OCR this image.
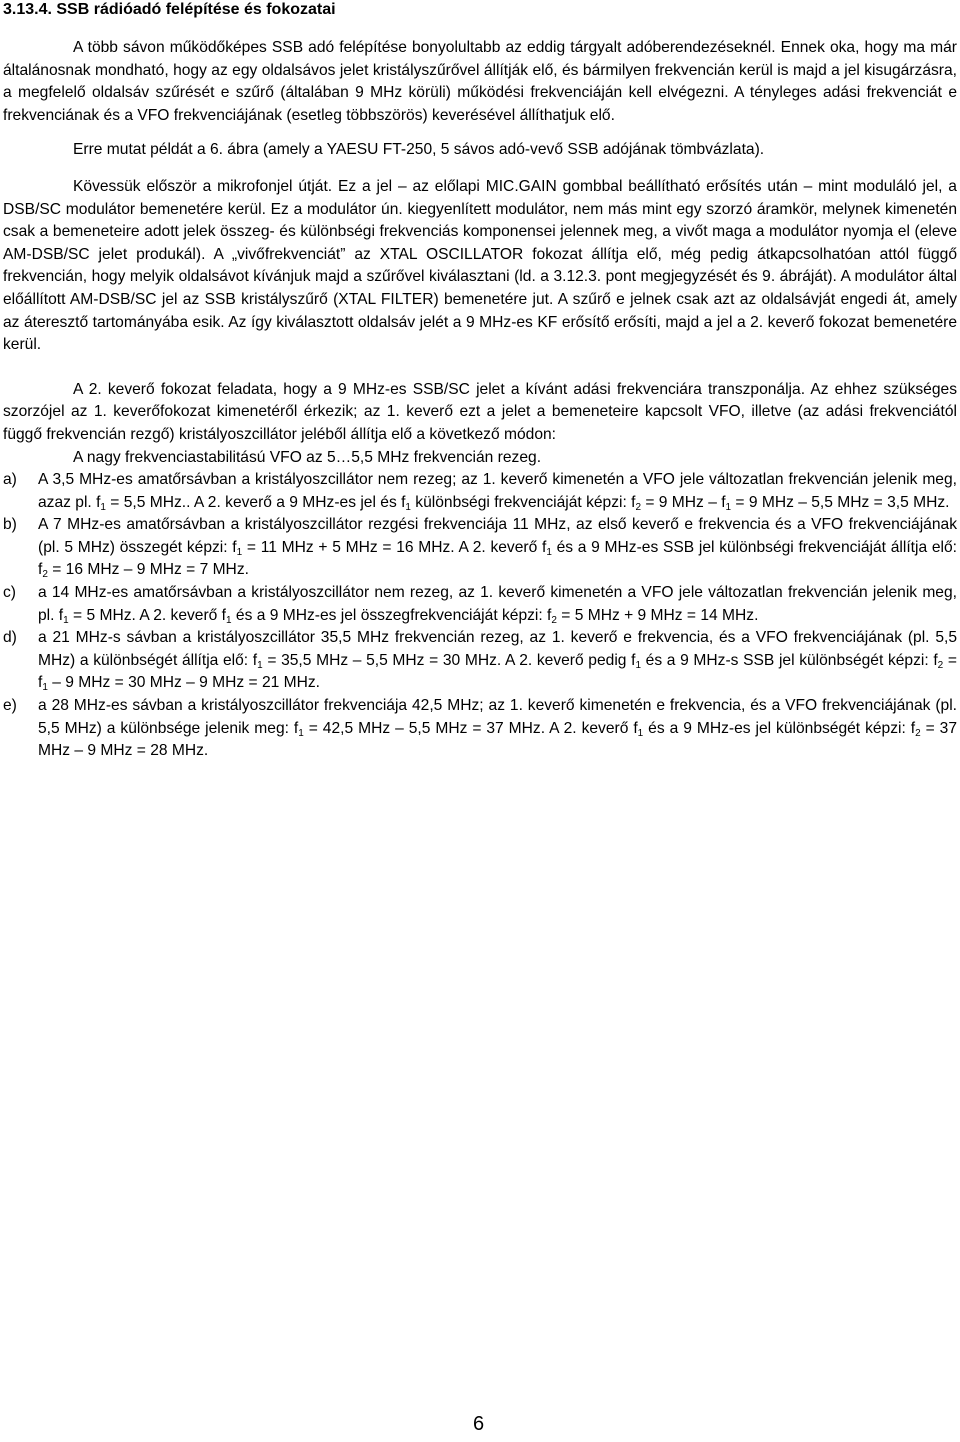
3.13.4. SSB rádióadó felépítése és fokozatai

A több sávon működőképes SSB adó felépítése bonyolultabb az eddig tárgyalt adóberendezéseknél. Ennek oka, hogy ma már általánosnak mondható, hogy az egy oldalsávos jelet kristályszűrővel állítják elő, és bármilyen frekvencián kerül is majd a jel kisugárzásra, a megfelelő oldalsáv szűrését e szűrő (általában 9 MHz körüli) működési frekvenciáján kell elvégezni. A tényleges adási frekvenciát e frekvenciának és a VFO frekvenciájának (esetleg többszörös) keverésével állíthatjuk elő.

Erre mutat példát a 6. ábra (amely a YAESU FT-250, 5 sávos adó-vevő SSB adójának tömbvázlata).

Kövessük először a mikrofonjel útját. Ez a jel – az előlapi MIC.GAIN gombbal beállítható erősítés után – mint moduláló jel, a DSB/SC modulátor bemenetére kerül. Ez a modulátor ún. kiegyenlített modulátor, nem más mint egy szorzó áramkör, melynek kimenetén csak a bemeneteire adott jelek összeg- és különbségi frekvenciás komponensei jelennek meg, a vivőt maga a modulátor nyomja el (eleve AM-DSB/SC jelet produkál). A „vivőfrekvenciát” az XTAL OSCILLATOR fokozat állítja elő, még pedig átkapcsolhatóan attól függő frekvencián, hogy melyik oldalsávot kívánjuk majd a szűrővel kiválasztani (ld. a 3.12.3. pont megjegyzését és 9. ábráját). A modulátor által előállított AM-DSB/SC jel az SSB kristályszűrő (XTAL FILTER) bemenetére jut. A szűrő e jelnek csak azt az oldalsávját engedi át, amely az áteresztő tartományába esik. Az így kiválasztott oldalsáv jelét a 9 MHz-es KF erősítő erősíti, majd a jel a 2. keverő fokozat bemenetére kerül.

A 2. keverő fokozat feladata, hogy a 9 MHz-es SSB/SC jelet a kívánt adási frekvenciára transzponálja. Az ehhez szükséges szorzójel az 1. keverőfokozat kimenetéről érkezik; az 1. keverő ezt a jelet a bemeneteire kapcsolt VFO, illetve (az adási frekvenciától függő frekvencián rezgő) kristályoszcillátor jeléből állítja elő a következő módon:

A nagy frekvenciastabilitású VFO az 5…5,5 MHz frekvencián rezeg.

a) A 3,5 MHz-es amatőrsávban a kristályoszcillátor nem rezeg; az 1. keverő kimenetén a VFO jele változatlan frekvencián jelenik meg, azaz pl. $f_1 = 5,5$ MHz.. A 2. keverő a 9 MHz-es jel és $f_1$ különbségi frekvenciáját képzi: $f_2 = 9$ MHz – $f_1 = 9$ MHz – 5,5 MHz = 3,5 MHz.
b) A 7 MHz-es amatőrsávban a kristályoszcillátor rezgési frekvenciája 11 MHz, az első keverő e frekvencia és a VFO frekvenciájának (pl. 5 MHz) összegét képzi: $f_1 = 11$ MHz + 5 MHz = 16 MHz. A 2. keverő $f_1$ és a 9 MHz-es SSB jel különbségi frekvenciáját állítja elő: $f_2 = 16$ MHz – 9 MHz = 7 MHz.
c) a 14 MHz-es amatőrsávban a kristályoszcillátor nem rezeg, az 1. keverő kimenetén a VFO jele változatlan frekvencián jelenik meg, pl. $f_1 = 5$ MHz. A 2. keverő $f_1$ és a 9 MHz-es jel összegfrekvenciáját képzi: $f_2 = 5$ MHz + 9 MHz = 14 MHz.
d) a 21 MHz-s sávban a kristályoszcillátor 35,5 MHz frekvencián rezeg, az 1. keverő e frekvencia, és a VFO frekvenciájának (pl. 5,5 MHz) a különbségét állítja elő: $f_1 = 35,5$ MHz – 5,5 MHz = 30 MHz. A 2. keverő pedig $f_1$ és a 9 MHz-s SSB jel különbségét képzi: $f_2 = f_1 - 9$ MHz = 30 MHz – 9 MHz = 21 MHz.
e) a 28 MHz-es sávban a kristályoszcillátor frekvenciája 42,5 MHz; az 1. keverő kimenetén e frekvencia, és a VFO frekvenciájának (pl. 5,5 MHz) a különbsége jelenik meg: $f_1 = 42,5$ MHz – 5,5 MHz = 37 MHz. A 2. keverő $f_1$ és a 9 MHz-es jel különbségét képzi: $f_2 = 37$ MHz – 9 MHz = 28 MHz.
6
